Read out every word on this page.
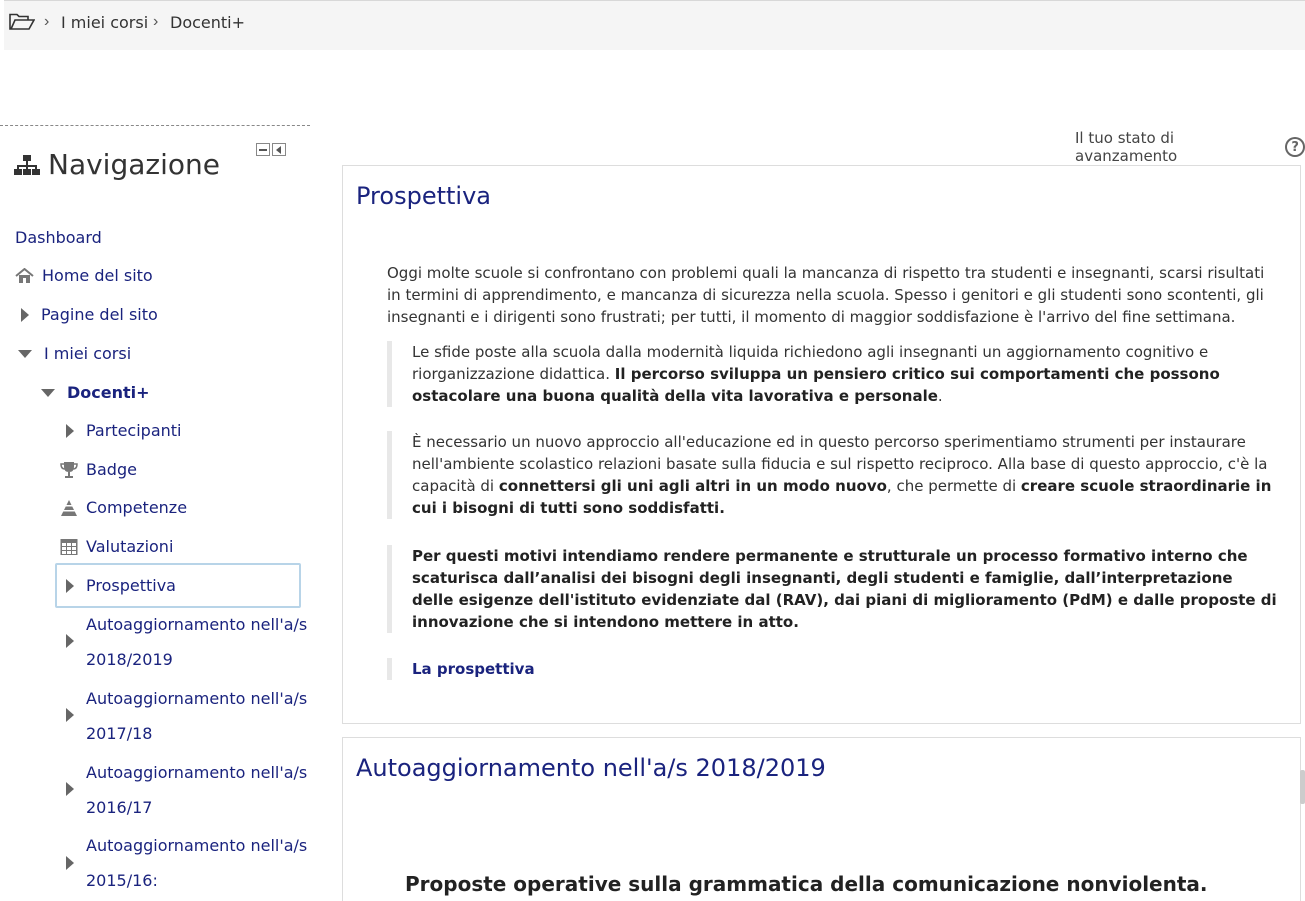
› I miei corsi › Docenti+
Navigazione
Dashboard
Home del sito
Pagine del sito
I miei corsi
Docenti+
Partecipanti
Badge
Competenze
Valutazioni
Prospettiva
Autoaggiornamento nell'a/s
2018/2019
Autoaggiornamento nell'a/s
2017/18
Autoaggiornamento nell'a/s
2016/17
Autoaggiornamento nell'a/s
2015/16:
Il tuo stato di avanzamento	?
Prospettiva
Oggi molte scuole si confrontano con problemi quali la mancanza di rispetto tra studenti e insegnanti, scarsi risultati in termini di apprendimento, e mancanza di sicurezza nella scuola. Spesso i genitori e gli studenti sono scontenti, gli insegnanti e i dirigenti sono frustrati; per tutti, il momento di maggior soddisfazione è l'arrivo del fine settimana.
Le sfide poste alla scuola dalla modernità liquida richiedono agli insegnanti un aggiornamento cognitivo e riorganizzazione didattica. Il percorso sviluppa un pensiero critico sui comportamenti che possono ostacolare una buona qualità della vita lavorativa e personale.
È necessario un nuovo approccio all'educazione ed in questo percorso sperimentiamo strumenti per instaurare nell'ambiente scolastico relazioni basate sulla fiducia e sul rispetto reciproco. Alla base di questo approccio, c'è la capacità di connettersi gli uni agli altri in un modo nuovo, che permette di creare scuole straordinarie in cui i bisogni di tutti sono soddisfatti.
Per questi motivi intendiamo rendere permanente e strutturale un processo formativo interno che scaturisca dall’analisi dei bisogni degli insegnanti, degli studenti e famiglie, dall’interpretazione delle esigenze dell'istituto evidenziate dal (RAV), dai piani di miglioramento (PdM) e dalle proposte di innovazione che si intendono mettere in atto.
La prospettiva
Autoaggiornamento nell'a/s 2018/2019
Proposte operative sulla grammatica della comunicazione nonviolenta.
